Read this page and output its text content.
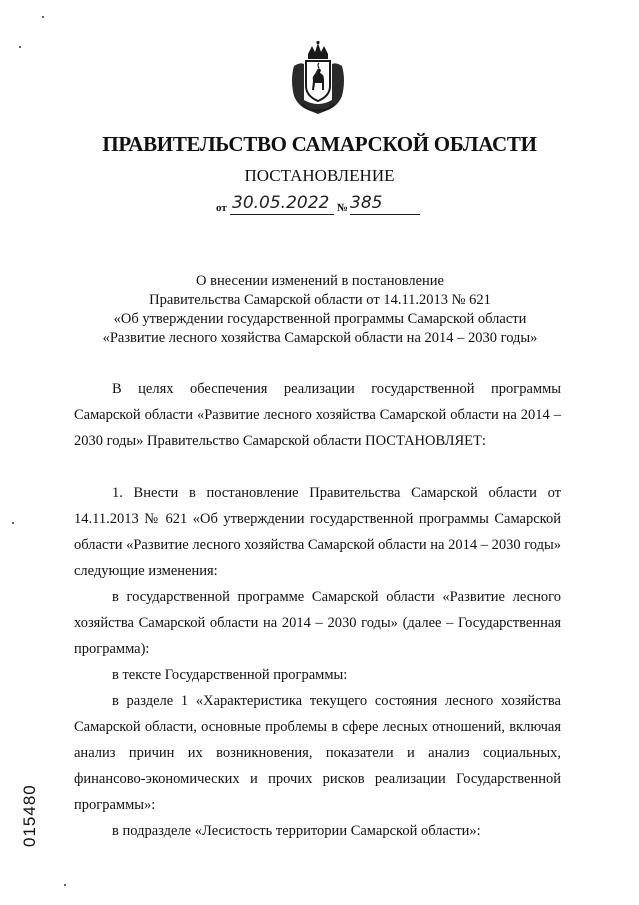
ПРАВИТЕЛЬСТВО САМАРСКОЙ ОБЛАСТИ
ПОСТАНОВЛЕНИЕ
от 30.05.2022 № 385
О внесении изменений в постановление
Правительства Самарской области от 14.11.2013 № 621
«Об утверждении государственной программы Самарской области
«Развитие лесного хозяйства Самарской области на 2014 – 2030 годы»
В целях обеспечения реализации государственной программы Самарской области «Развитие лесного хозяйства Самарской области на 2014 – 2030 годы» Правительство Самарской области ПОСТАНОВЛЯЕТ:
1. Внести в постановление Правительства Самарской области от 14.11.2013 № 621 «Об утверждении государственной программы Самарской области «Развитие лесного хозяйства Самарской области на 2014 – 2030 годы» следующие изменения:
в государственной программе Самарской области «Развитие лесного хозяйства Самарской области на 2014 – 2030 годы» (далее – Государственная программа):
в тексте Государственной программы:
в разделе 1 «Характеристика текущего состояния лесного хозяйства Самарской области, основные проблемы в сфере лесных отношений, включая анализ причин их возникновения, показатели и анализ социальных, финансово-экономических и прочих рисков реализации Государственной программы»:
в подразделе «Лесистость территории Самарской области»:
015480
